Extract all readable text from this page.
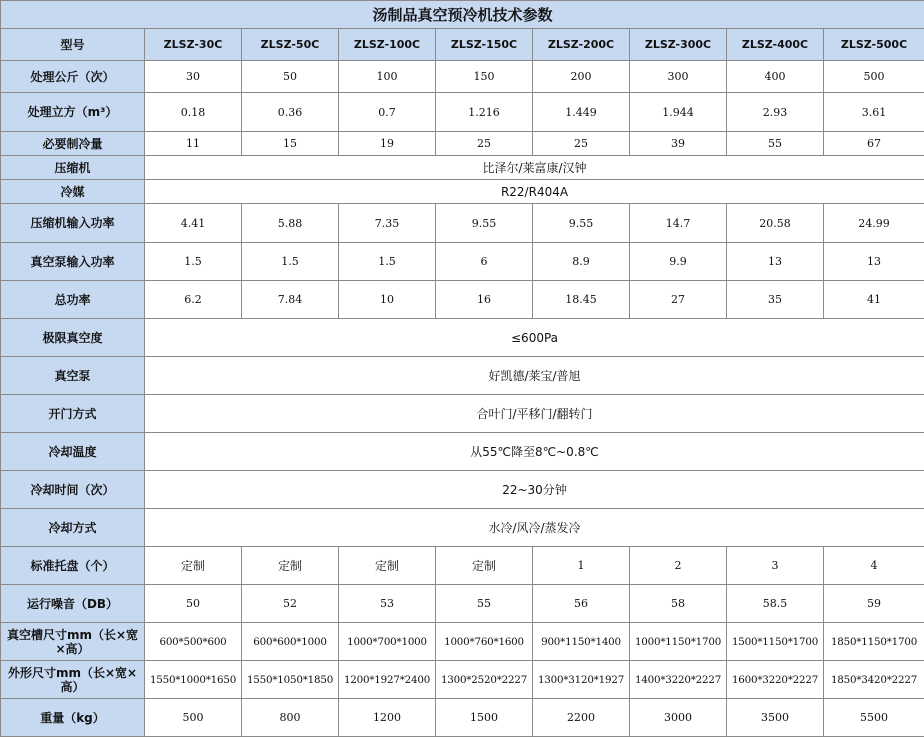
汤制品真空预冷机技术参数								
型号	ZLSZ-30C	ZLSZ-50C	ZLSZ-100C	ZLSZ-150C	ZLSZ-200C	ZLSZ-300C	ZLSZ-400C	ZLSZ-500C
处理公斤（次）	30	50	100	150	200	300	400	500
处理立方（m³）	0.18	0.36	0.7	1.216	1.449	1.944	2.93	3.61
必要制冷量	11	15	19	25	25	39	55	67
压缩机	比泽尔/莱富康/汉钟							
冷媒	R22/R404A							
压缩机输入功率	4.41	5.88	7.35	9.55	9.55	14.7	20.58	24.99
真空泵输入功率	1.5	1.5	1.5	6	8.9	9.9	13	13
总功率	6.2	7.84	10	16	18.45	27	35	41
极限真空度	≤600Pa							
真空泵	好凯德/莱宝/普旭							
开门方式	合叶门/平移门/翻转门							
冷却温度	从55℃降至8℃~0.8℃							
冷却时间（次）	22~30分钟							
冷却方式	水冷/风冷/蒸发冷							
标准托盘（个）	定制	定制	定制	定制	1	2	3	4
运行噪音（DB）	50	52	53	55	56	58	58.5	59
真空槽尺寸mm（长×宽×高）	600*500*600	600*600*1000	1000*700*1000	1000*760*1600	900*1150*1400	1000*1150*1700	1500*1150*1700	1850*1150*1700
外形尺寸mm（长×宽×高）	1550*1000*1650	1550*1050*1850	1200*1927*2400	1300*2520*2227	1300*3120*1927	1400*3220*2227	1600*3220*2227	1850*3420*2227
重量（kg）	500	800	1200	1500	2200	3000	3500	5500
